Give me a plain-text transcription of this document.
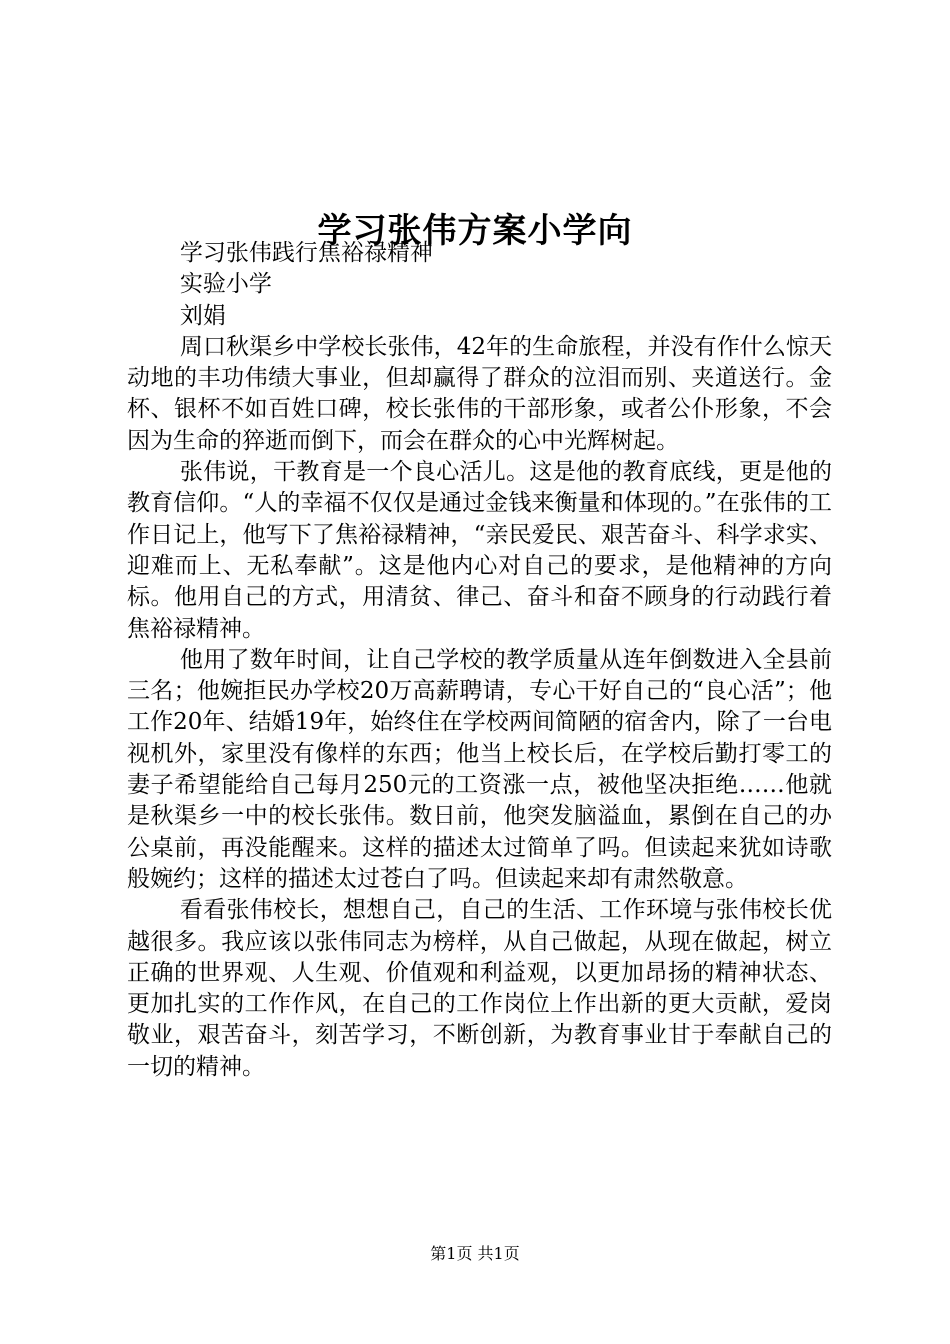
学习张伟方案小学向

学习张伟践行焦裕禄精神

实验小学

刘娟

周口秋渠乡中学校长张伟，42年的生命旅程，并没有作什么惊天动地的丰功伟绩大事业，但却赢得了群众的泣泪而别、夹道送行。金杯、银杯不如百姓口碑，校长张伟的干部形象，或者公仆形象，不会因为生命的猝逝而倒下，而会在群众的心中光辉树起。

张伟说，干教育是一个良心活儿。这是他的教育底线，更是他的教育信仰。“人的幸福不仅仅是通过金钱来衡量和体现的。”在张伟的工作日记上，他写下了焦裕禄精神，“亲民爱民、艰苦奋斗、科学求实、迎难而上、无私奉献”。这是他内心对自己的要求，是他精神的方向标。他用自己的方式，用清贫、律己、奋斗和奋不顾身的行动践行着焦裕禄精神。

他用了数年时间，让自己学校的教学质量从连年倒数进入全县前三名；他婉拒民办学校20万高薪聘请，专心干好自己的“良心活”；他工作20年、结婚19年，始终住在学校两间简陋的宿舍内，除了一台电视机外，家里没有像样的东西；他当上校长后，在学校后勤打零工的妻子希望能给自己每月250元的工资涨一点，被他坚决拒绝……他就是秋渠乡一中的校长张伟。数日前，他突发脑溢血，累倒在自己的办公桌前，再没能醒来。这样的描述太过简单了吗。但读起来犹如诗歌般婉约；这样的描述太过苍白了吗。但读起来却有肃然敬意。

看看张伟校长，想想自己，自己的生活、工作环境与张伟校长优越很多。我应该以张伟同志为榜样，从自己做起，从现在做起，树立正确的世界观、人生观、价值观和利益观，以更加昂扬的精神状态、更加扎实的工作作风，在自己的工作岗位上作出新的更大贡献，爱岗敬业，艰苦奋斗，刻苦学习，不断创新，为教育事业甘于奉献自己的一切的精神。

第1页 共1页
